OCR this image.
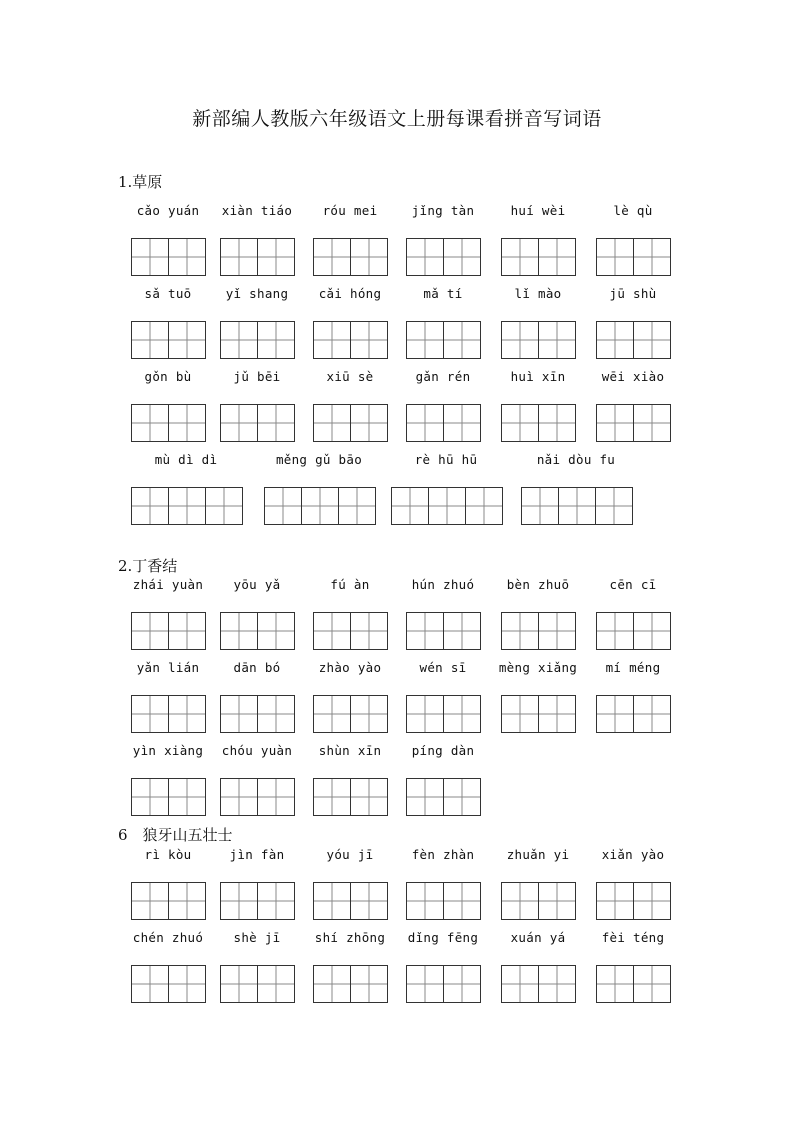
新部编人教版六年级语文上册每课看拼音写词语
1.草原
cǎo yuán	xiàn tiáo	róu mei	jǐng tàn	huí wèi	lè qù
sǎ tuō	yǐ shang	cǎi hóng	mǎ tí	lǐ mào	jū shù
gǒn bù	jǔ bēi	xiū sè	gǎn rén	huì xīn	wēi xiào
mù dì dì	měng gǔ bāo	rè hū hū	nǎi dòu fu
2.丁香结
zhái yuàn	yōu yǎ	fú àn	hún zhuó	bèn zhuō	cēn cī
yǎn lián	dān bó	zhào yào	wén sī	mèng xiǎng	mí méng
yìn xiàng	chóu yuàn	shùn xīn	píng dàn
6　狼牙山五壮士
rì kòu	jìn fàn	yóu jī	fèn zhàn	zhuǎn yi	xiǎn yào
chén zhuó	shè jī	shí zhōng	dǐng fēng	xuán yá	fèi téng
